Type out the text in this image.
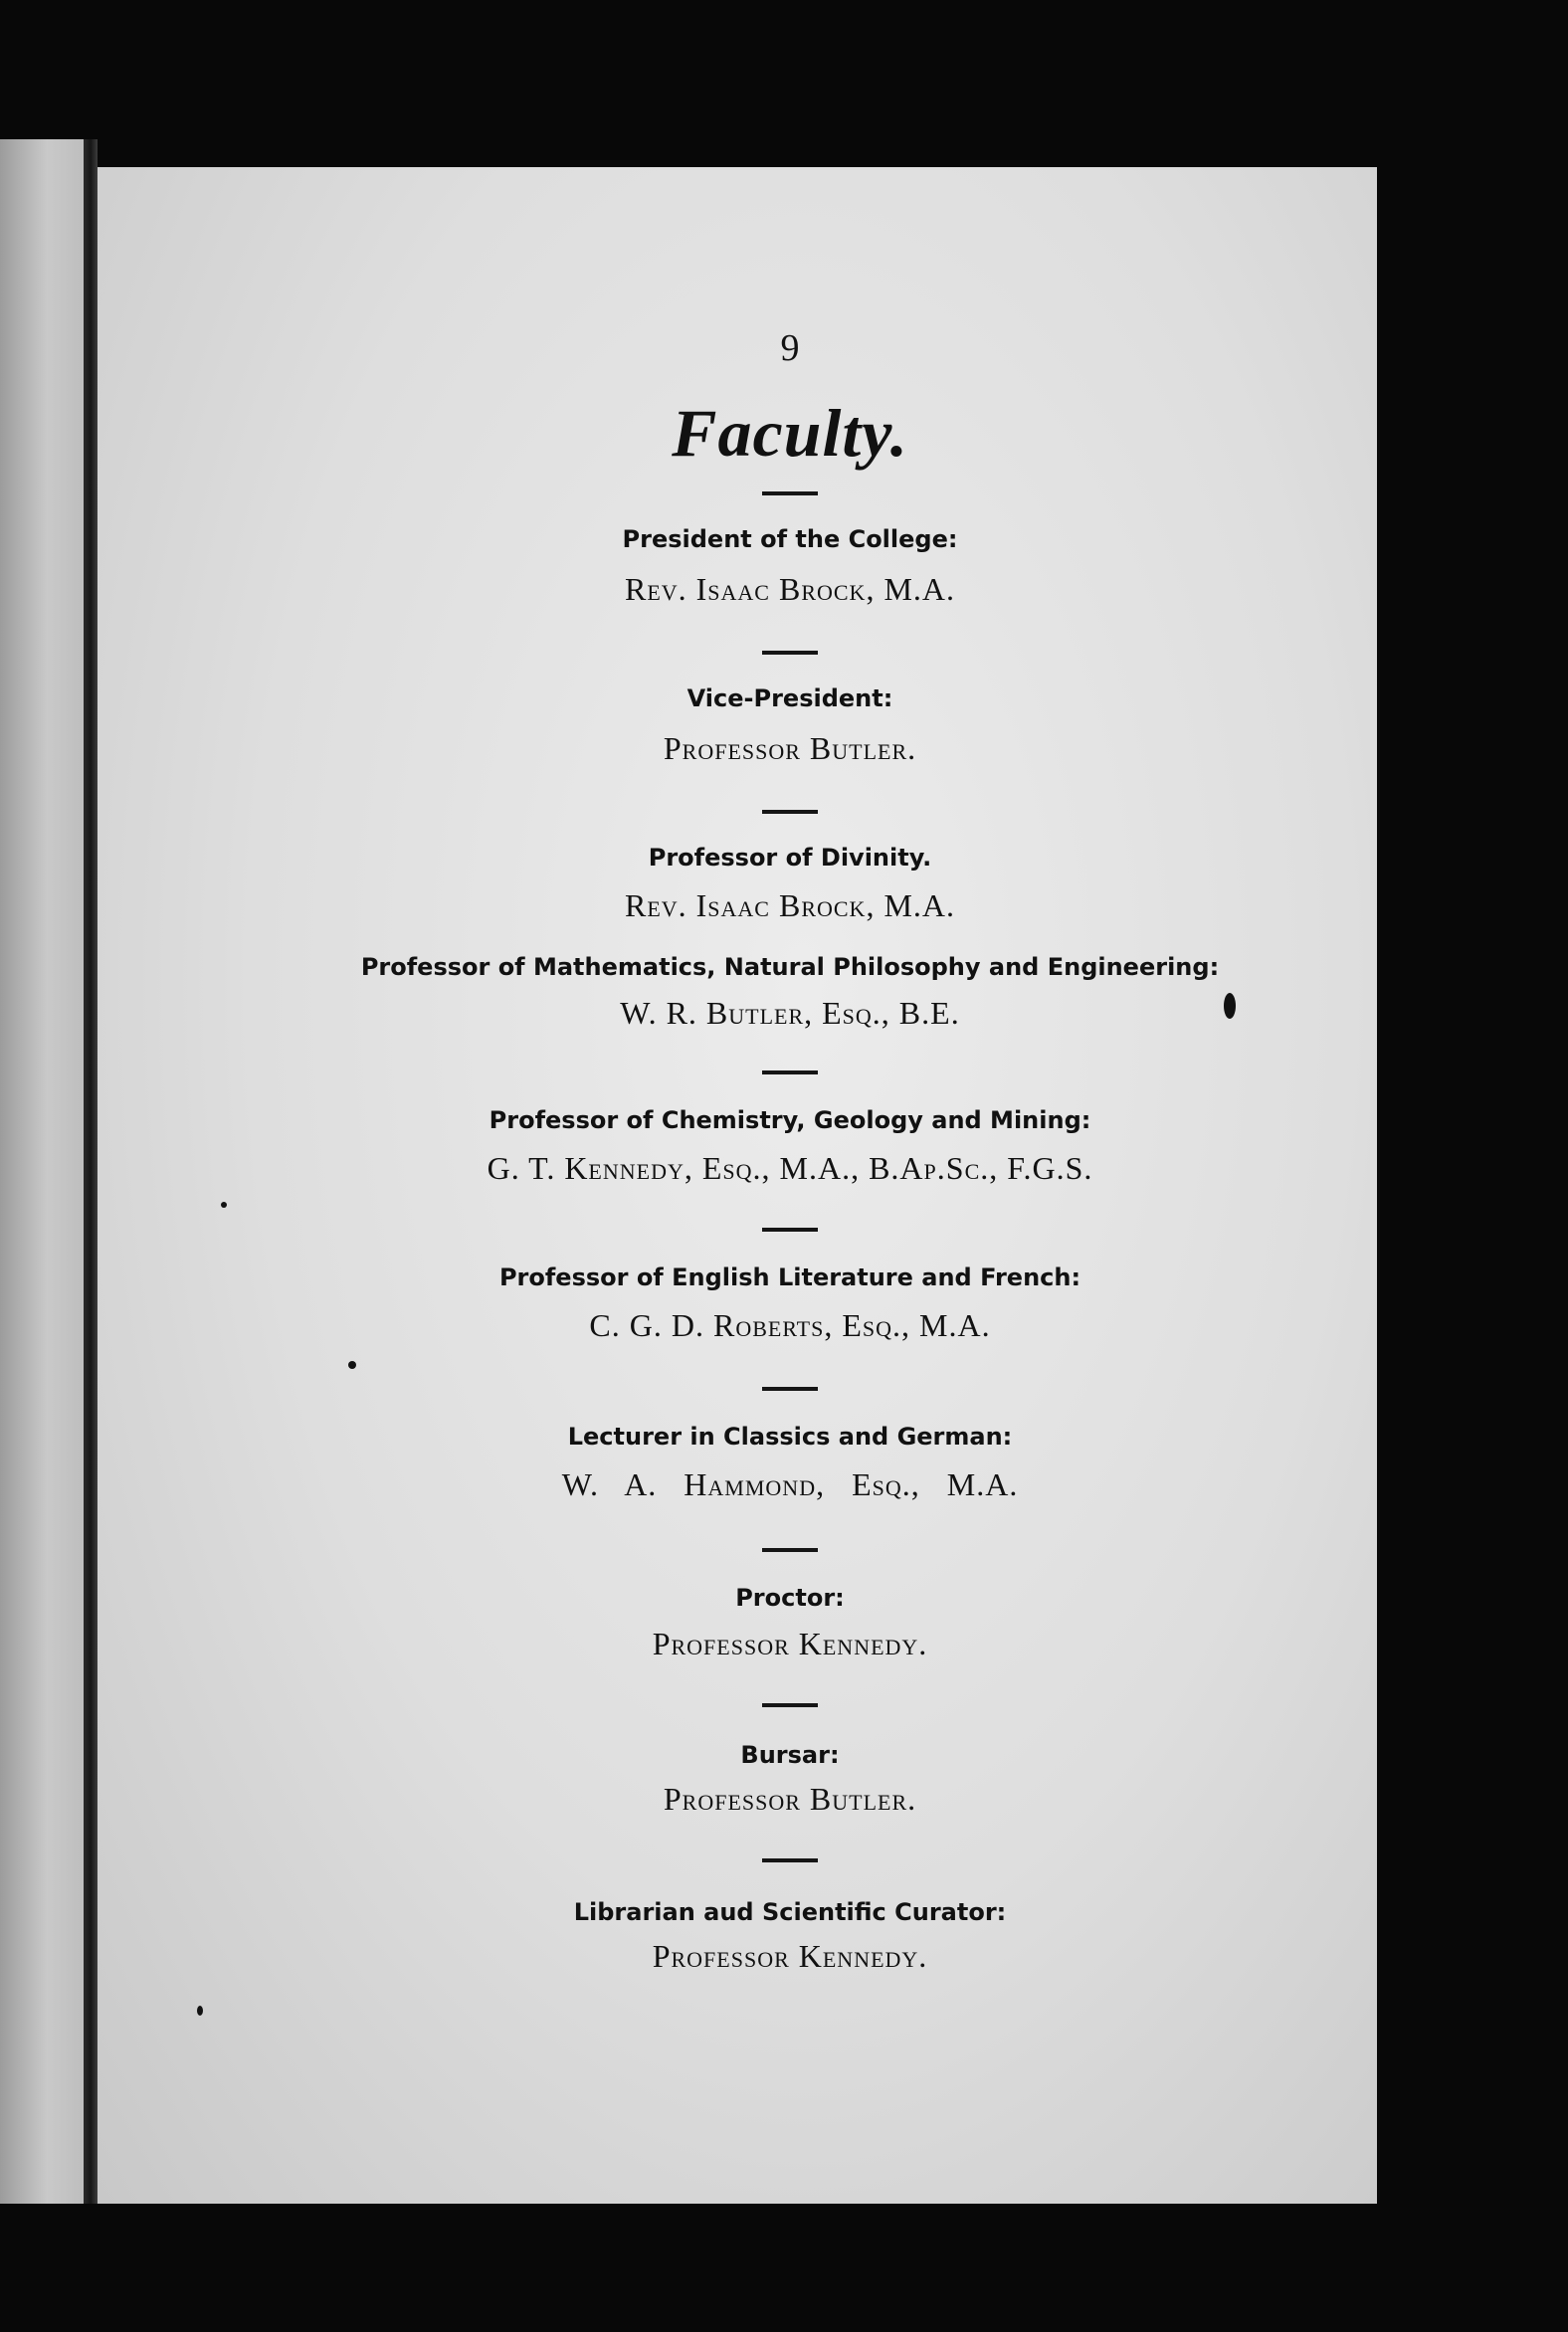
9
Faculty.
President of the College:
Rev. Isaac Brock, M.A.
Vice-President:
Professor Butler.
Professor of Divinity.
Rev. Isaac Brock, M.A.
Professor of Mathematics, Natural Philosophy and Engineering:
W. R. Butler, Esq., B.E.
Professor of Chemistry, Geology and Mining:
G. T. Kennedy, Esq., M.A., B.Ap.Sc., F.G.S.
Professor of English Literature and French:
C. G. D. Roberts, Esq., M.A.
Lecturer in Classics and German:
W. A. Hammond, Esq., M.A.
Proctor:
Professor Kennedy.
Bursar:
Professor Butler.
Librarian aud Scientific Curator:
Professor Kennedy.
